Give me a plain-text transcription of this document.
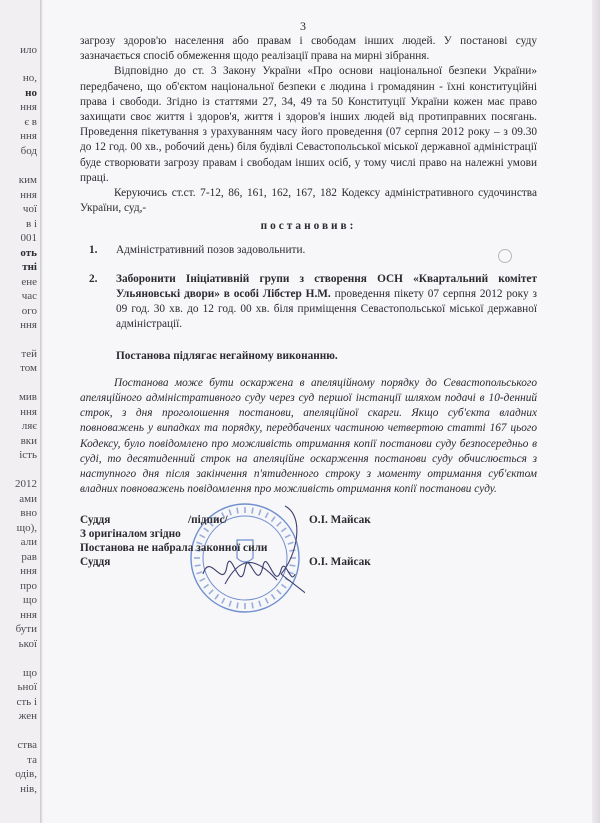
ило
но,
но
ння
є в
ння
бод
ким
ння
чої
в і
001
оть
тні
ене
час
ого
ння
тей
том
мив
ння
ляє
вки
ість
2012
ами
вно
що),
али
рав
ння
про
що
ння
бути
ької
що
ьної
сть і
жен
ства
та
одів,
нів,
3

загрозу здоров'ю населення або правам і свободам інших людей. У постанові суду зазначається спосіб обмеження щодо реалізації права на мирні зібрання.

Відповідно до ст. 3 Закону України «Про основи національної безпеки України» передбачено, що об'єктом національної безпеки є людина і громадянин - їхні конституційні права і свободи. Згідно із статтями 27, 34, 49 та 50 Конституції України кожен має право захищати своє життя і здоров'я, життя і здоров'я інших людей від протиправних посягань. Проведення пікетування з урахуванням часу його проведення (07 серпня 2012 року – з 09.30 до 12 год. 00 хв., робочий день) біля будівлі Севастопольської міської державної адміністрації буде створювати загрозу правам і свободам інших осіб, у тому числі право на належні умови праці.

Керуючись ст.ст. 7-12, 86, 161, 162, 167, 182 Кодексу адміністративного судочинства України, суд,-

постановив:

1. Адміністративний позов задовольнити.
2. Заборонити Ініціативній групи з створення ОСН «Квартальний комітет Ульяновські двори» в особі Лібстер Н.М. проведення пікету 07 серпня 2012 року з 09 год. 30 хв. до 12 год. 00 хв. біля приміщення Севастопольської міської державної адміністрації.

Постанова підлягає негайному виконанню.

Постанова може бути оскаржена в апеляційному порядку до Севастопольського апеляційного адміністративного суду через суд першої інстанції шляхом подачі в 10-денний строк, з дня проголошення постанови, апеляційної скарги. Якщо суб'єкта владних повноважень у випадках та порядку, передбачених частиною четвертою статті 167 цього Кодексу, було повідомлено про можливість отримання копії постанови суду безпосередньо в суді, то десятиденний строк на апеляційне оскарження постанови суду обчислюється з наступного дня після закінчення п'ятиденного строку з моменту отримання суб'єктом владних повноважень повідомлення про можливість отримання копії постанови суду.

Суддя	/підпис/	О.І. Майсак
З оригіналом згідно
Постанова не набрала законної сили
Суддя	О.І. Майсак
